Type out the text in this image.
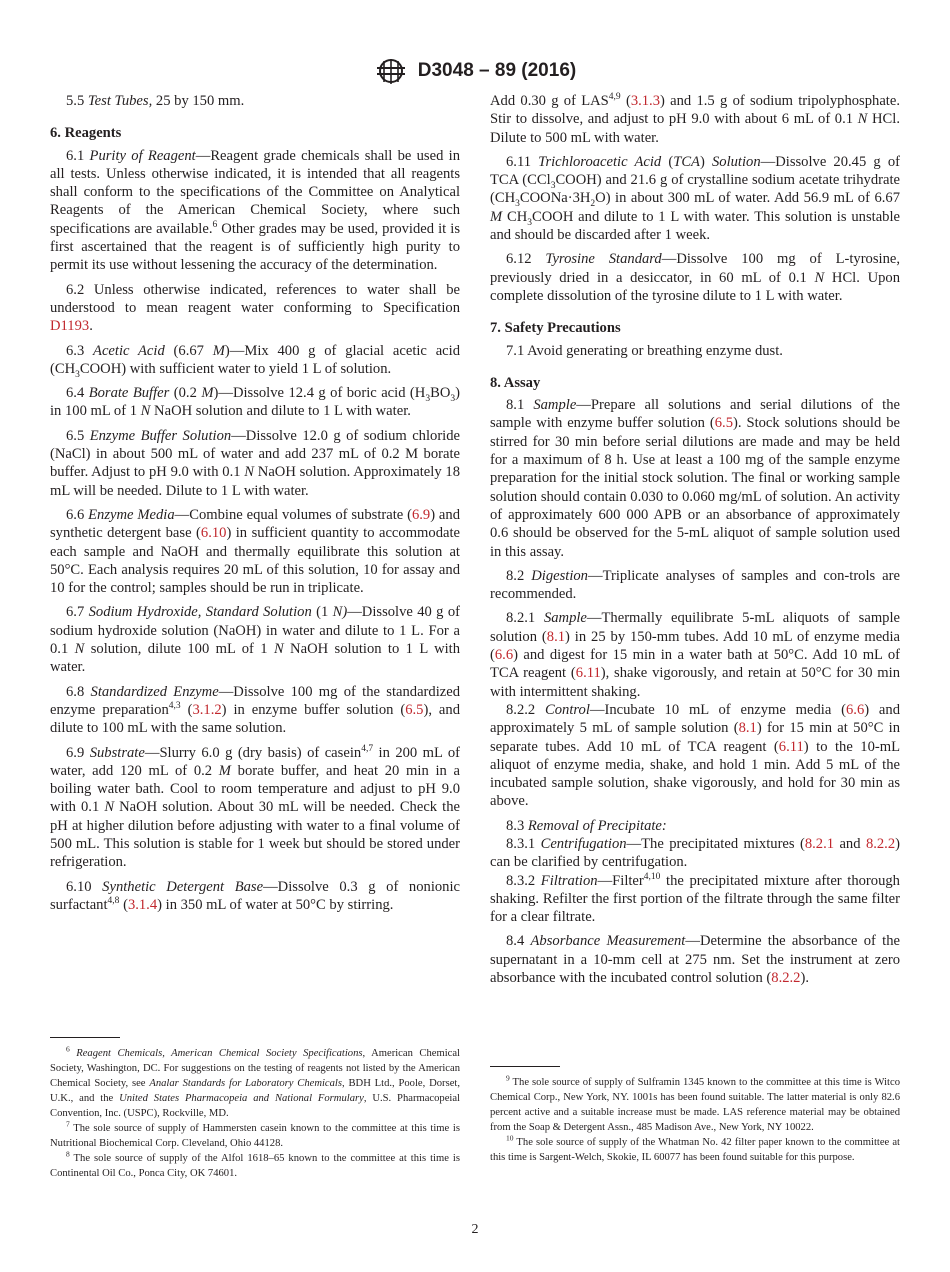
D3048 – 89 (2016)

5.5 Test Tubes, 25 by 150 mm.

6. Reagents

6.1 Purity of Reagent—Reagent grade chemicals shall be used in all tests. Unless otherwise indicated, it is intended that all reagents shall conform to the specifications of the Committee on Analytical Reagents of the American Chemical Society, where such specifications are available.$^6$ Other grades may be used, provided it is first ascertained that the reagent is of sufficiently high purity to permit its use without lessening the accuracy of the determination.

6.2 Unless otherwise indicated, references to water shall be understood to mean reagent water conforming to Specification D1193.

6.3 Acetic Acid (6.67 M)—Mix 400 g of glacial acetic acid $(CH_3COOH)$ with sufficient water to yield 1 L of solution.

6.4 Borate Buffer (0.2 M)—Dissolve 12.4 g of boric acid $(H_3BO_3)$ in 100 mL of 1 N NaOH solution and dilute to 1 L with water.

6.5 Enzyme Buffer Solution—Dissolve 12.0 g of sodium chloride (NaCl) in about 500 mL of water and add 237 mL of 0.2 M borate buffer. Adjust to pH 9.0 with 0.1 N NaOH solution. Approximately 18 mL will be needed. Dilute to 1 L with water.

6.6 Enzyme Media—Combine equal volumes of substrate (6.9) and synthetic detergent base (6.10) in sufficient quantity to accommodate each sample and NaOH and thermally equilibrate this solution at 50°C. Each analysis requires 20 mL of this solution, 10 for assay and 10 for the control; samples should be run in triplicate.

6.7 Sodium Hydroxide, Standard Solution (1 N)—Dissolve 40 g of sodium hydroxide solution (NaOH) in water and dilute to 1 L. For a 0.1 N solution, dilute 100 mL of 1 N NaOH solution to 1 L with water.

6.8 Standardized Enzyme—Dissolve 100 mg of the standardized enzyme preparation$^{4,3}$ (3.1.2) in enzyme buffer solution (6.5), and dilute to 100 mL with the same solution.

6.9 Substrate—Slurry 6.0 g (dry basis) of casein$^{4,7}$ in 200 mL of water, add 120 mL of 0.2 M borate buffer, and heat 20 min in a boiling water bath. Cool to room temperature and adjust to pH 9.0 with 0.1 N NaOH solution. About 30 mL will be needed. Check the pH at higher dilution before adjusting with water to a final volume of 500 mL. This solution is stable for 1 week but should be stored under refrigeration.

6.10 Synthetic Detergent Base—Dissolve 0.3 g of nonionic surfactant$^{4,8}$ (3.1.4) in 350 mL of water at 50°C by stirring.

Add 0.30 g of LAS$^{4,9}$ (3.1.3) and 1.5 g of sodium tripolyphosphate. Stir to dissolve, and adjust to pH 9.0 with about 6 mL of 0.1 N HCl. Dilute to 500 mL with water.

6.11 Trichloroacetic Acid (TCA) Solution—Dissolve 20.45 g of TCA (CCl$_3$COOH) and 21.6 g of crystalline sodium acetate trihydrate $(CH_3COONa\cdot 3H_2O)$ in about 300 mL of water. Add 56.9 mL of 6.67 M $CH_3COOH$ and dilute to 1 L with water. This solution is unstable and should be discarded after 1 week.

6.12 Tyrosine Standard—Dissolve 100 mg of L-tyrosine, previously dried in a desiccator, in 60 mL of 0.1 N HCl. Upon complete dissolution of the tyrosine dilute to 1 L with water.

7. Safety Precautions

7.1 Avoid generating or breathing enzyme dust.

8. Assay

8.1 Sample—Prepare all solutions and serial dilutions of the sample with enzyme buffer solution (6.5). Stock solutions should be stirred for 30 min before serial dilutions are made and may be held for a maximum of 8 h. Use at least a 100 mg of the sample enzyme preparation for the initial stock solution. The final or working sample solution should contain 0.030 to 0.060 mg/mL of solution. An activity of approximately 600 000 APB or an absorbance of approximately 0.6 should be observed for the 5-mL aliquot of sample solution used in this assay.

8.2 Digestion—Triplicate analyses of samples and con-trols are recommended.

8.2.1 Sample—Thermally equilibrate 5-mL aliquots of sample solution (8.1) in 25 by 150-mm tubes. Add 10 mL of enzyme media (6.6) and digest for 15 min in a water bath at 50°C. Add 10 mL of TCA reagent (6.11), shake vigorously, and retain at 50°C for 30 min with intermittent shaking.

8.2.2 Control—Incubate 10 mL of enzyme media (6.6) and approximately 5 mL of sample solution (8.1) for 15 min at 50°C in separate tubes. Add 10 mL of TCA reagent (6.11) to the 10-mL aliquot of enzyme media, shake, and hold 1 min. Add 5 mL of the incubated sample solution, shake vigorously, and hold for 30 min as above.

8.3 Removal of Precipitate:

8.3.1 Centrifugation—The precipitated mixtures (8.2.1 and 8.2.2) can be clarified by centrifugation.

8.3.2 Filtration—Filter$^{4,10}$ the precipitated mixture after thorough shaking. Refilter the first portion of the filtrate through the same filter for a clear filtrate.

8.4 Absorbance Measurement—Determine the absorbance of the supernatant in a 10-mm cell at 275 nm. Set the instrument at zero absorbance with the incubated control solution (8.2.2).

$^6$ Reagent Chemicals, American Chemical Society Specifications, American Chemical Society, Washington, DC. For suggestions on the testing of reagents not listed by the American Chemical Society, see Analar Standards for Laboratory Chemicals, BDH Ltd., Poole, Dorset, U.K., and the United States Pharmacopeia and National Formulary, U.S. Pharmacopeial Convention, Inc. (USPC), Rockville, MD.

$^7$ The sole source of supply of Hammersten casein known to the committee at this time is Nutritional Biochemical Corp. Cleveland, Ohio 44128.

$^8$ The sole source of supply of the Alfol 1618–65 known to the committee at this time is Continental Oil Co., Ponca City, OK 74601.

$^9$ The sole source of supply of Sulframin 1345 known to the committee at this time is Witco Chemical Corp., New York, NY. 1001s has been found suitable. The latter material is only 82.6 percent active and a suitable increase must be made. LAS reference material may be obtained from the Soap & Detergent Assn., 485 Madison Ave., New York, NY 10022.

$^{10}$ The sole source of supply of the Whatman No. 42 filter paper known to the committee at this time is Sargent-Welch, Skokie, IL 60077 has been found suitable for this purpose.

2
